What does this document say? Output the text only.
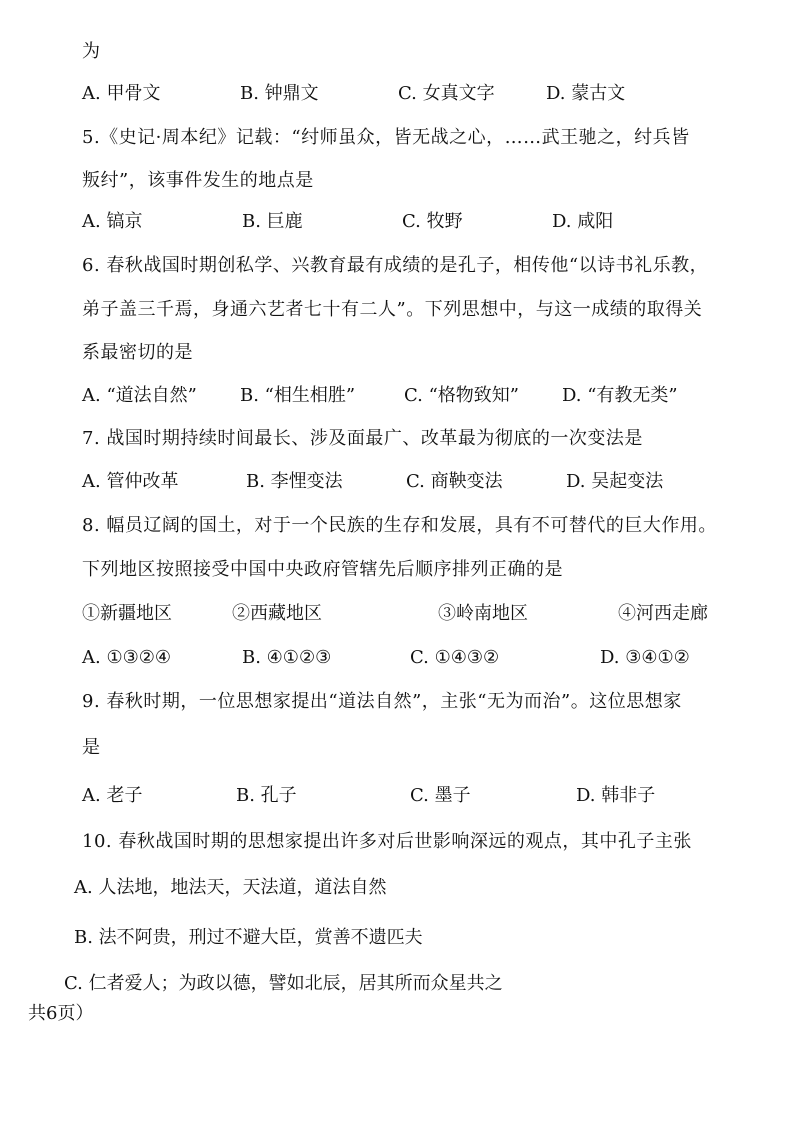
为
A. 甲骨文	B. 钟鼎文	C. 女真文字	D. 蒙古文
5.《史记·周本纪》记载：“纣师虽众，皆无战之心，……武王驰之，纣兵皆
叛纣”，该事件发生的地点是
A. 镐京	B. 巨鹿	C. 牧野	D. 咸阳
6. 春秋战国时期创私学、兴教育最有成绩的是孔子，相传他“以诗书礼乐教，
弟子盖三千焉，身通六艺者七十有二人”。下列思想中，与这一成绩的取得关
系最密切的是
A. “道法自然” B. “相生相胜”	C. “格物致知” D. “有教无类”
7. 战国时期持续时间最长、涉及面最广、改革最为彻底的一次变法是
A. 管仲改革	B. 李悝变法	C. 商鞅变法	D. 吴起变法
8. 幅员辽阔的国土，对于一个民族的生存和发展，具有不可替代的巨大作用。
下列地区按照接受中国中央政府管辖先后顺序排列正确的是
①新疆地区	②西藏地区	③岭南地区	④河西走廊
A. ①③②④	B. ④①②③	C. ①④③②	D. ③④①②
9. 春秋时期，一位思想家提出“道法自然”，主张“无为而治”。这位思想家
是
A. 老子	B. 孔子	C. 墨子	D. 韩非子
10. 春秋战国时期的思想家提出许多对后世影响深远的观点，其中孔子主张
A. 人法地，地法天，天法道，道法自然
B. 法不阿贵，刑过不避大臣，赏善不遗匹夫
C. 仁者爱人；为政以德，譬如北辰，居其所而众星共之
共6页）
